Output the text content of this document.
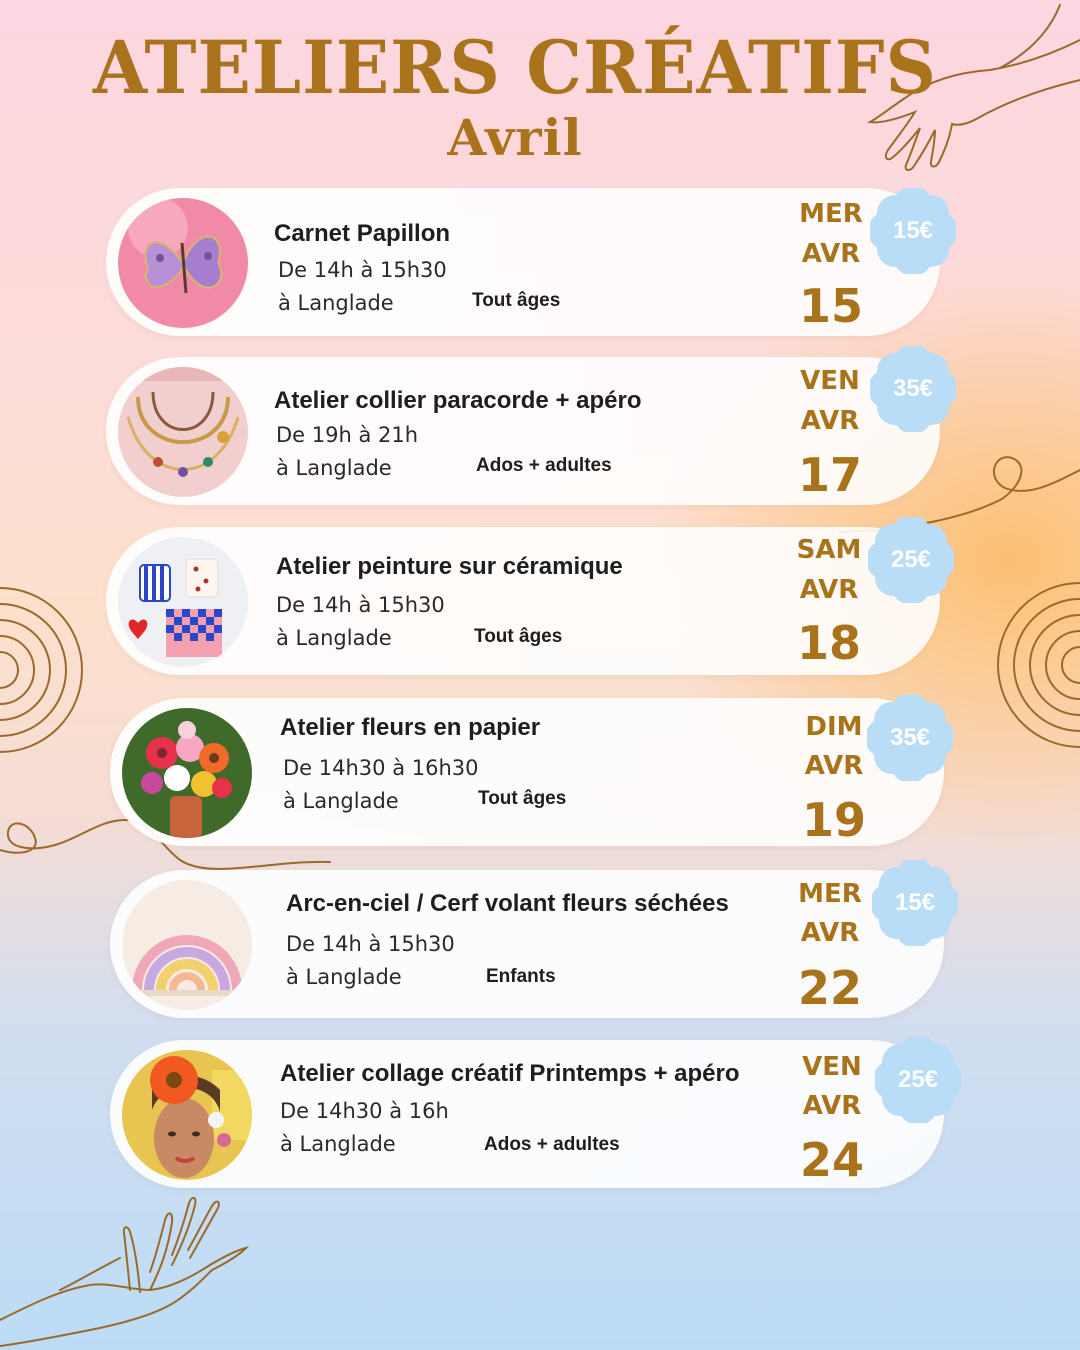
ATELIERS CRÉATIFS
Avril
Carnet Papillon
De 14h à 15h30
à Langlade	Tout âges
MER
AVR
15
Atelier collier paracorde + apéro
De 19h à 21h
à Langlade	Ados + adultes
VEN
AVR
17
Atelier peinture sur céramique
De 14h à 15h30
à Langlade	Tout âges
SAM
AVR
18
Atelier fleurs en papier
De 14h30 à 16h30
à Langlade	Tout âges
DIM
AVR
19
Arc-en-ciel / Cerf volant fleurs séchées
De 14h à 15h30
à Langlade	Enfants
MER
AVR
22
Atelier collage créatif Printemps + apéro
De 14h30 à 16h
à Langlade	Ados + adultes
VEN
AVR
24
15€
35€
25€
35€
15€
25€
